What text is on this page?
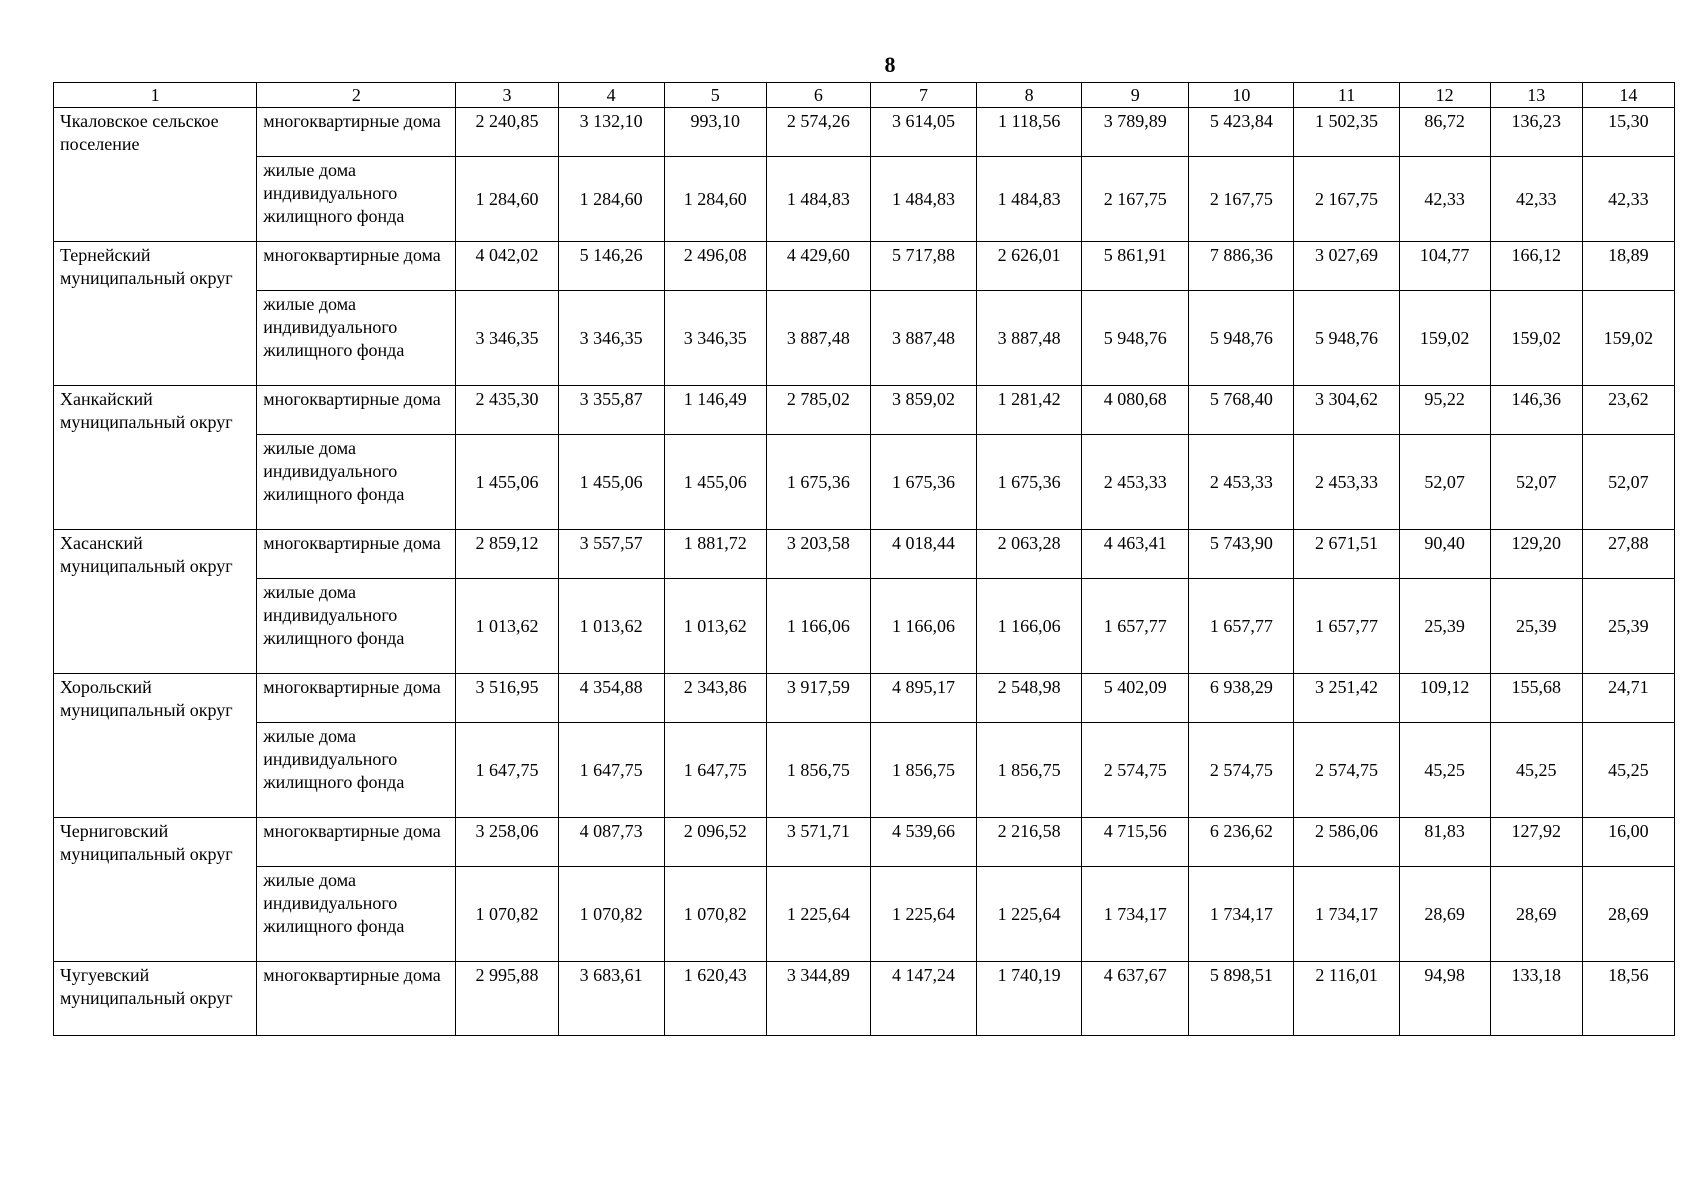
8
1	2	3	4	5	6	7	8	9	10	11	12	13	14
Чкаловское сельское поселение	многоквартирные дома	2 240,85	3 132,10	993,10	2 574,26	3 614,05	1 118,56	3 789,89	5 423,84	1 502,35	86,72	136,23	15,30
	жилые дома индивидуального жилищного фонда	1 284,60	1 284,60	1 284,60	1 484,83	1 484,83	1 484,83	2 167,75	2 167,75	2 167,75	42,33	42,33	42,33
Тернейский муниципальный округ	многоквартирные дома	4 042,02	5 146,26	2 496,08	4 429,60	5 717,88	2 626,01	5 861,91	7 886,36	3 027,69	104,77	166,12	18,89
	жилые дома индивидуального жилищного фонда	3 346,35	3 346,35	3 346,35	3 887,48	3 887,48	3 887,48	5 948,76	5 948,76	5 948,76	159,02	159,02	159,02
Ханкайский муниципальный округ	многоквартирные дома	2 435,30	3 355,87	1 146,49	2 785,02	3 859,02	1 281,42	4 080,68	5 768,40	3 304,62	95,22	146,36	23,62
	жилые дома индивидуального жилищного фонда	1 455,06	1 455,06	1 455,06	1 675,36	1 675,36	1 675,36	2 453,33	2 453,33	2 453,33	52,07	52,07	52,07
Хасанский муниципальный округ	многоквартирные дома	2 859,12	3 557,57	1 881,72	3 203,58	4 018,44	2 063,28	4 463,41	5 743,90	2 671,51	90,40	129,20	27,88
	жилые дома индивидуального жилищного фонда	1 013,62	1 013,62	1 013,62	1 166,06	1 166,06	1 166,06	1 657,77	1 657,77	1 657,77	25,39	25,39	25,39
Хорольский муниципальный округ	многоквартирные дома	3 516,95	4 354,88	2 343,86	3 917,59	4 895,17	2 548,98	5 402,09	6 938,29	3 251,42	109,12	155,68	24,71
	жилые дома индивидуального жилищного фонда	1 647,75	1 647,75	1 647,75	1 856,75	1 856,75	1 856,75	2 574,75	2 574,75	2 574,75	45,25	45,25	45,25
Черниговский муниципальный округ	многоквартирные дома	3 258,06	4 087,73	2 096,52	3 571,71	4 539,66	2 216,58	4 715,56	6 236,62	2 586,06	81,83	127,92	16,00
	жилые дома индивидуального жилищного фонда	1 070,82	1 070,82	1 070,82	1 225,64	1 225,64	1 225,64	1 734,17	1 734,17	1 734,17	28,69	28,69	28,69
Чугуевский муниципальный округ	многоквартирные дома	2 995,88	3 683,61	1 620,43	3 344,89	4 147,24	1 740,19	4 637,67	5 898,51	2 116,01	94,98	133,18	18,56
